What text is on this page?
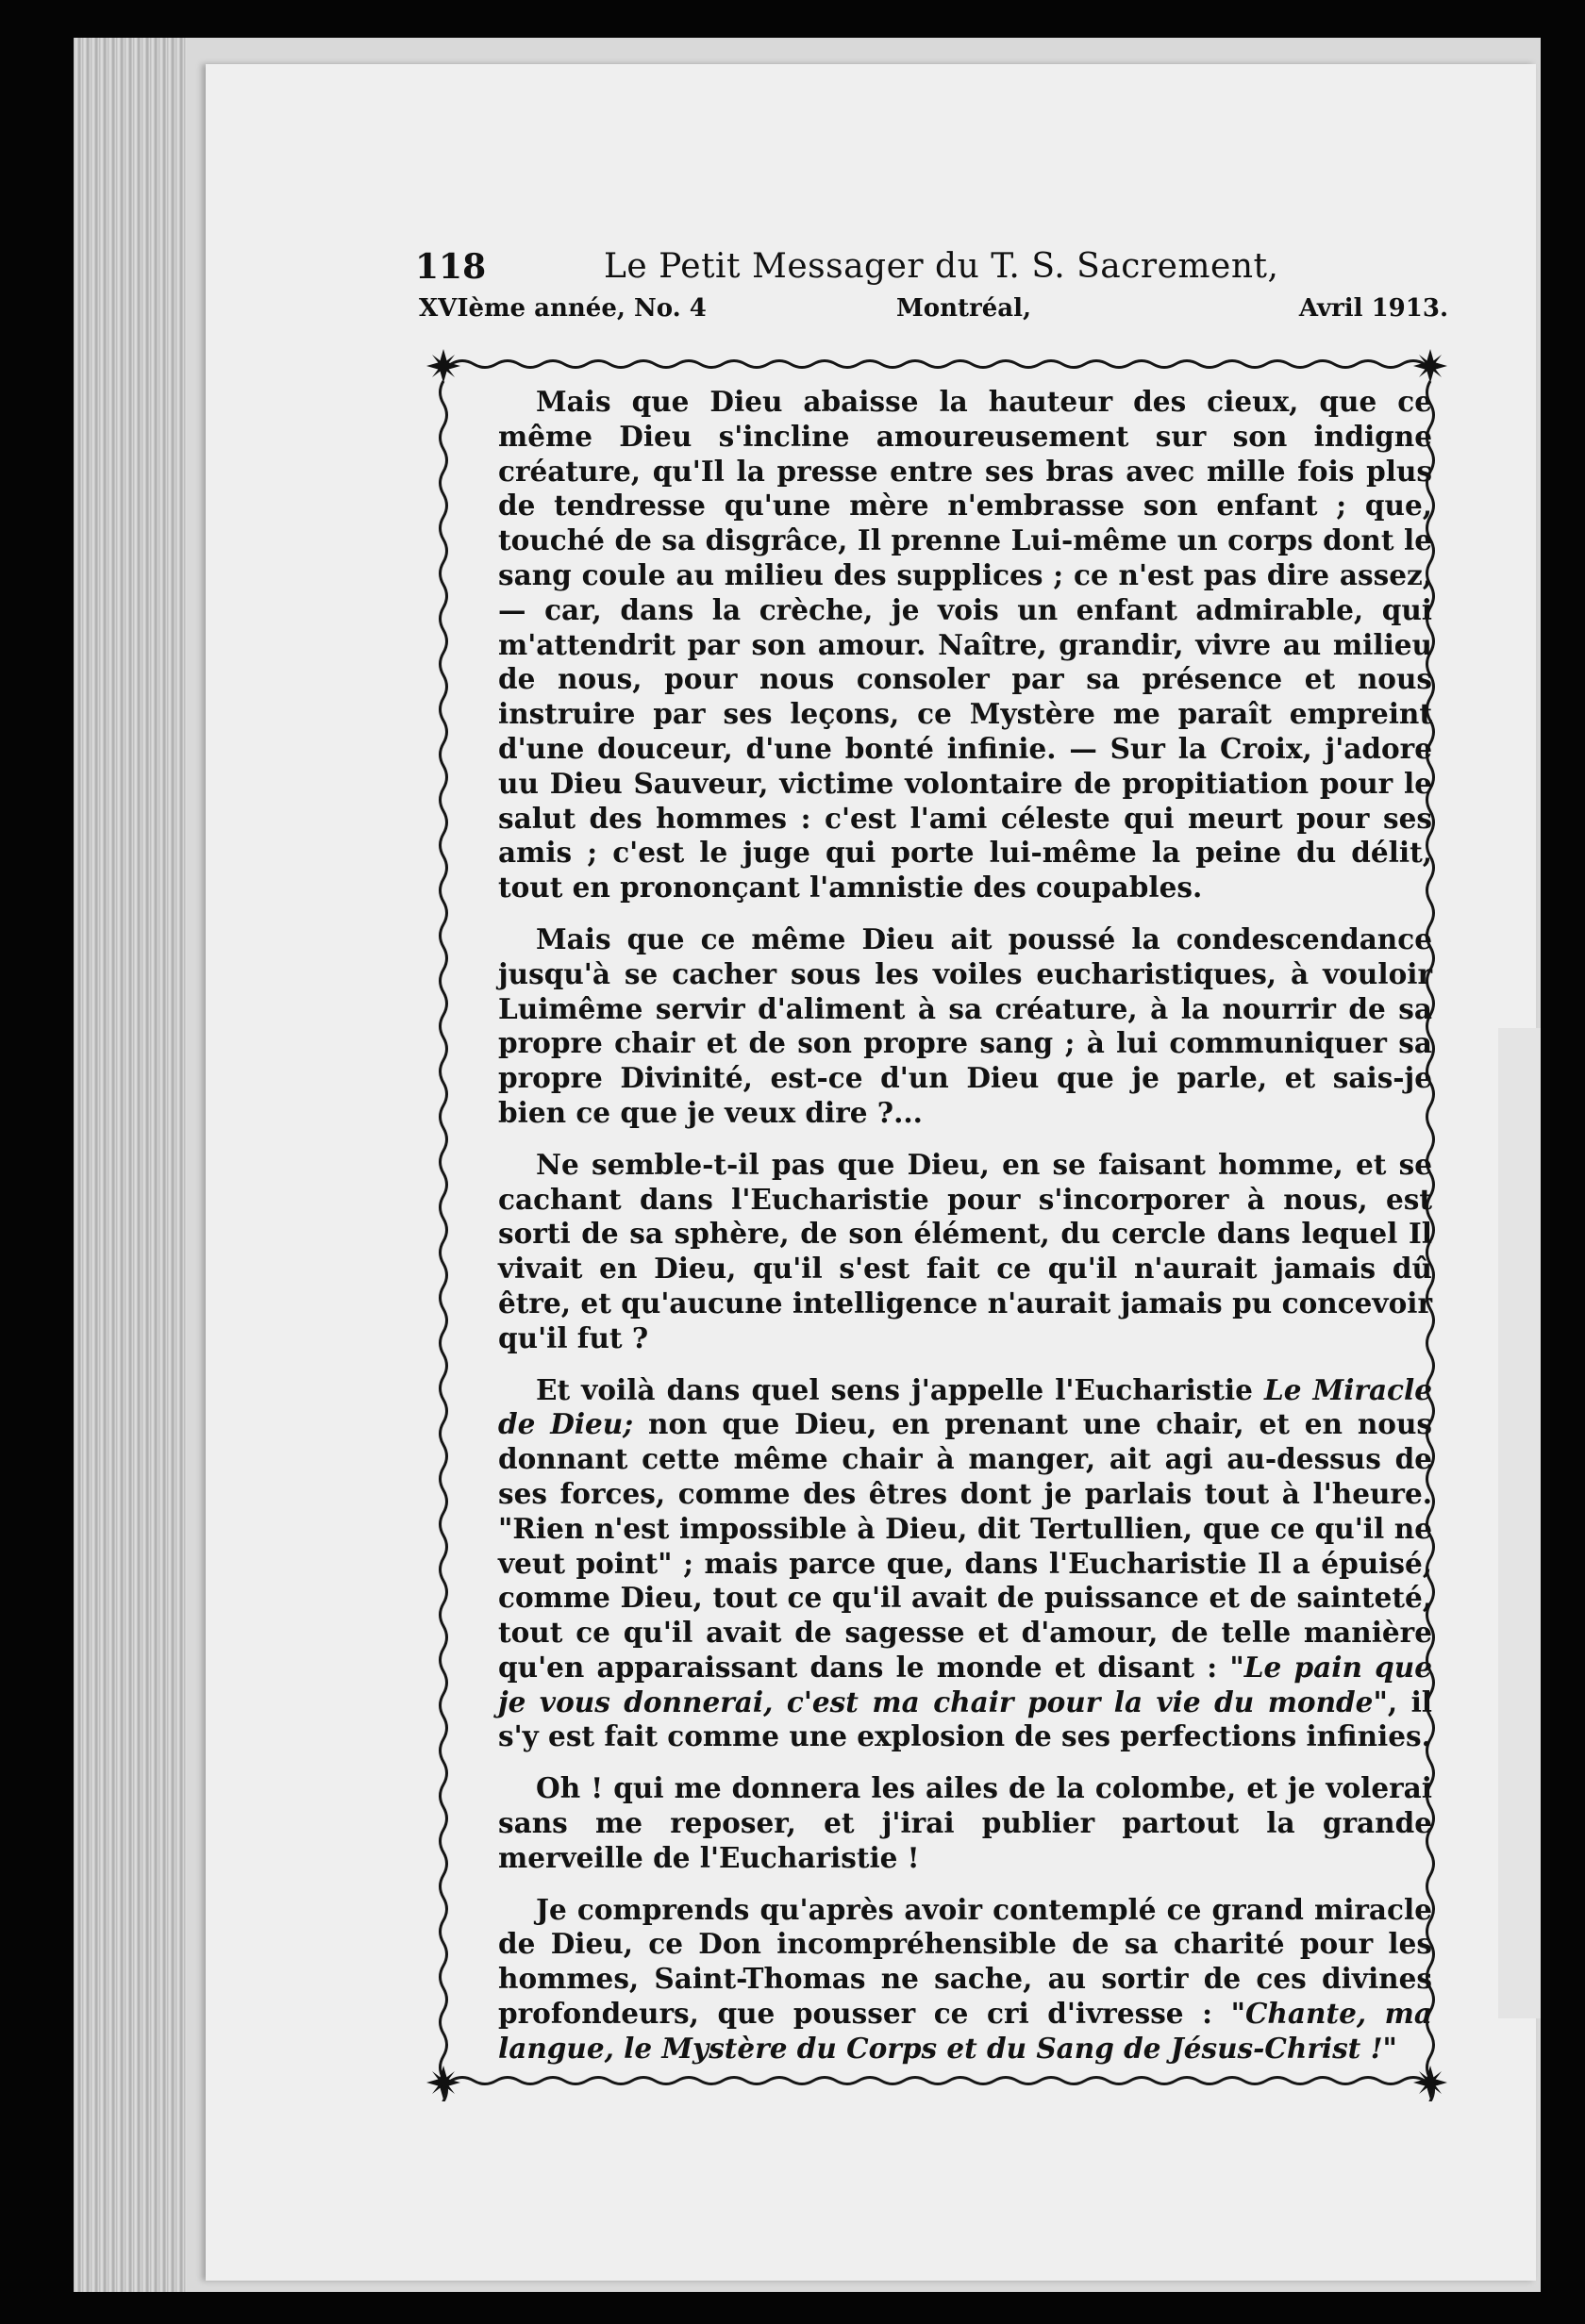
118	Le Petit Messager du T. S. Sacrement,
XVIème année, No. 4	Montréal,	Avril 1913.

Mais que Dieu abaisse la hauteur des cieux, que ce même Dieu s'incline amoureusement sur son indigne créature, qu'Il la presse entre ses bras avec mille fois plus de tendresse qu'une mère n'embrasse son enfant ; que, touché de sa disgrâce, Il prenne Lui-même un corps dont le sang coule au milieu des supplices ; ce n'est pas dire assez, — car, dans la crèche, je vois un enfant admirable, qui m'attendrit par son amour. Naître, grandir, vivre au milieu de nous, pour nous consoler par sa présence et nous instruire par ses leçons, ce Mystère me paraît empreint d'une douceur, d'une bonté infinie. — Sur la Croix, j'adore uu Dieu Sauveur, victime volontaire de propitiation pour le salut des hommes : c'est l'ami céleste qui meurt pour ses amis ; c'est le juge qui porte lui-même la peine du délit, tout en prononçant l'amnistie des coupables.

Mais que ce même Dieu ait poussé la condescendance jusqu'à se cacher sous les voiles eucharistiques, à vouloir Luimême servir d'aliment à sa créature, à la nourrir de sa propre chair et de son propre sang ; à lui communiquer sa propre Divinité, est-ce d'un Dieu que je parle, et sais-je bien ce que je veux dire ?...

Ne semble-t-il pas que Dieu, en se faisant homme, et se cachant dans l'Eucharistie pour s'incorporer à nous, est sorti de sa sphère, de son élément, du cercle dans lequel Il vivait en Dieu, qu'il s'est fait ce qu'il n'aurait jamais dû être, et qu'aucune intelligence n'aurait jamais pu concevoir qu'il fut ?

Et voilà dans quel sens j'appelle l'Eucharistie Le Miracle de Dieu; non que Dieu, en prenant une chair, et en nous donnant cette même chair à manger, ait agi au-dessus de ses forces, comme des êtres dont je parlais tout à l'heure. "Rien n'est impossible à Dieu, dit Tertullien, que ce qu'il ne veut point" ; mais parce que, dans l'Eucharistie Il a épuisé, comme Dieu, tout ce qu'il avait de puissance et de sainteté, tout ce qu'il avait de sagesse et d'amour, de telle manière qu'en apparaissant dans le monde et disant : "Le pain que je vous donnerai, c'est ma chair pour la vie du monde", il s'y est fait comme une explosion de ses perfections infinies.

Oh ! qui me donnera les ailes de la colombe, et je volerai sans me reposer, et j'irai publier partout la grande merveille de l'Eucharistie !

Je comprends qu'après avoir contemplé ce grand miracle de Dieu, ce Don incompréhensible de sa charité pour les hommes, Saint-Thomas ne sache, au sortir de ces divines profondeurs, que pousser ce cri d'ivresse : "Chante, ma langue, le Mystère du Corps et du Sang de Jésus-Christ !"
